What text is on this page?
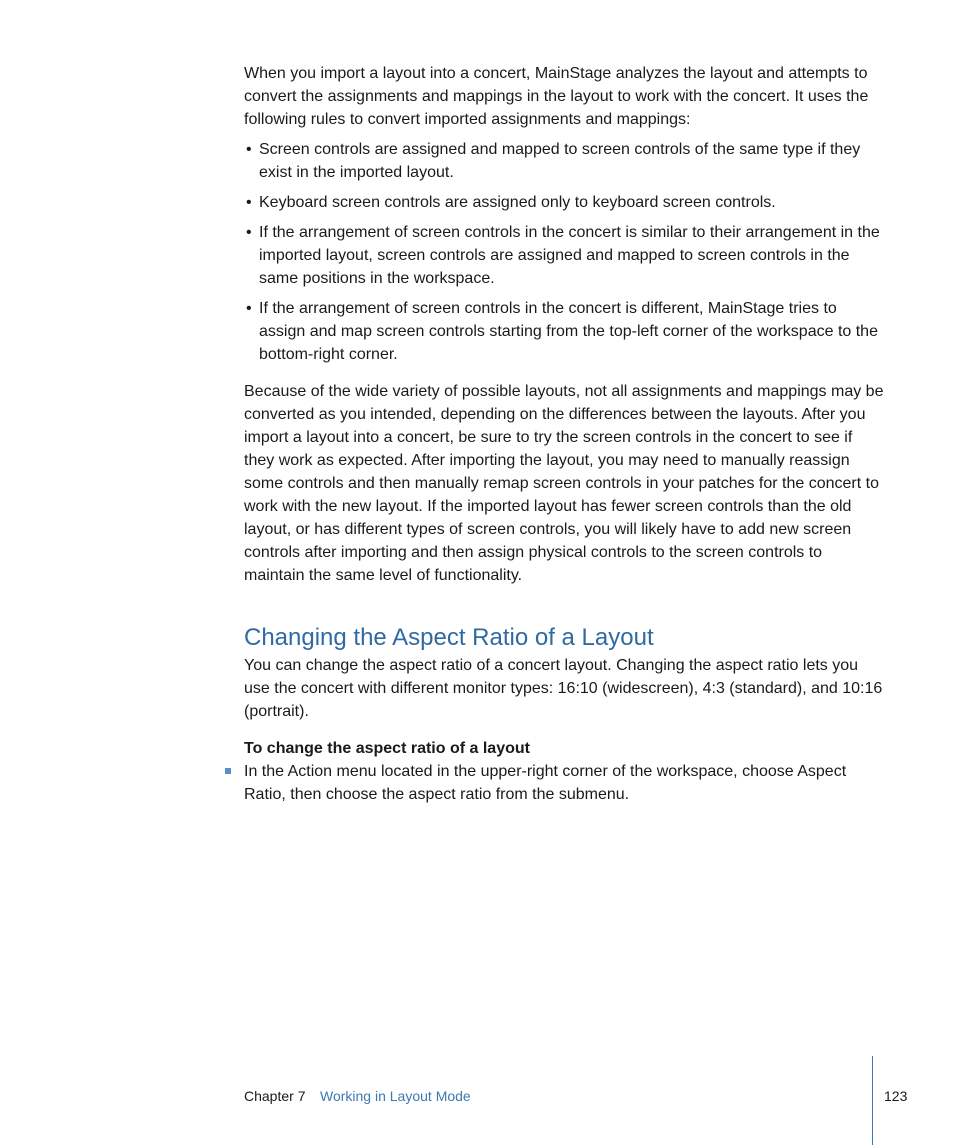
When you import a layout into a concert, MainStage analyzes the layout and attempts to convert the assignments and mappings in the layout to work with the concert. It uses the following rules to convert imported assignments and mappings:

• Screen controls are assigned and mapped to screen controls of the same type if they exist in the imported layout.
• Keyboard screen controls are assigned only to keyboard screen controls.
• If the arrangement of screen controls in the concert is similar to their arrangement in the imported layout, screen controls are assigned and mapped to screen controls in the same positions in the workspace.
• If the arrangement of screen controls in the concert is different, MainStage tries to assign and map screen controls starting from the top-left corner of the workspace to the bottom-right corner.

Because of the wide variety of possible layouts, not all assignments and mappings may be converted as you intended, depending on the differences between the layouts. After you import a layout into a concert, be sure to try the screen controls in the concert to see if they work as expected. After importing the layout, you may need to manually reassign some controls and then manually remap screen controls in your patches for the concert to work with the new layout. If the imported layout has fewer screen controls than the old layout, or has different types of screen controls, you will likely have to add new screen controls after importing and then assign physical controls to the screen controls to maintain the same level of functionality.

Changing the Aspect Ratio of a Layout

You can change the aspect ratio of a concert layout. Changing the aspect ratio lets you use the concert with different monitor types: 16:10 (widescreen), 4:3 (standard), and 10:16 (portrait).

To change the aspect ratio of a layout

In the Action menu located in the upper-right corner of the workspace, choose Aspect Ratio, then choose the aspect ratio from the submenu.

Chapter 7 Working in Layout Mode	123
